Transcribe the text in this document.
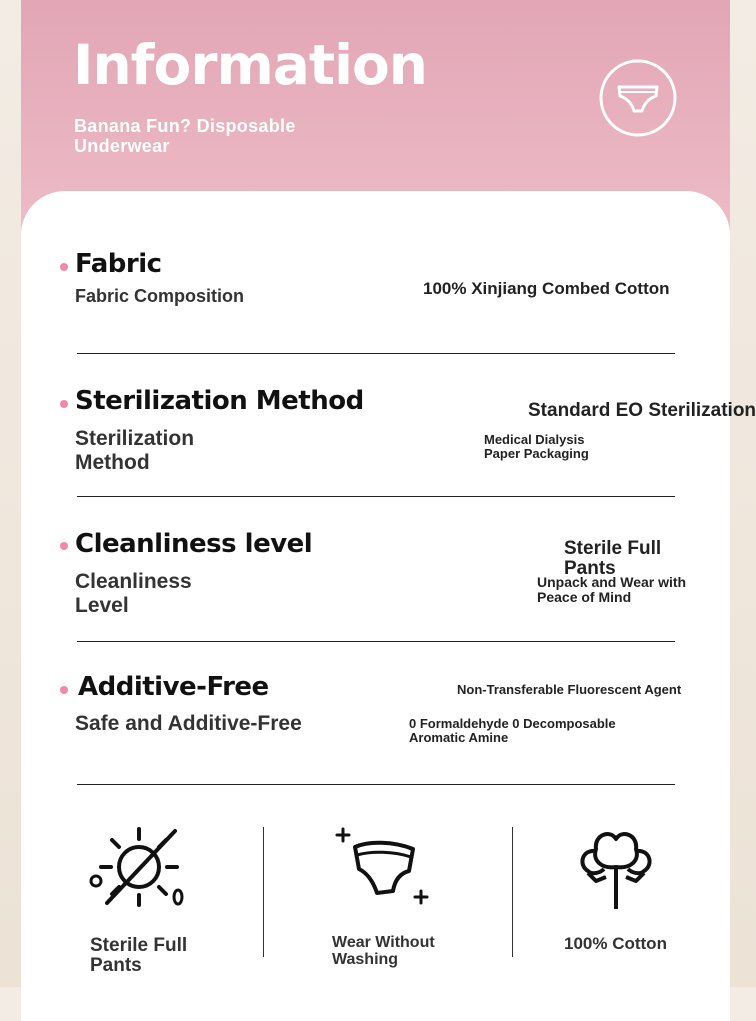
Information
Banana Fun? Disposable
Underwear
Fabric
Fabric Composition	100% Xinjiang Combed Cotton
Sterilization Method
Sterilization
Method
Standard EO Sterilization
Medical Dialysis
Paper Packaging
Cleanliness level
Cleanliness
Level
Sterile Full
Pants
Unpack and Wear with
Peace of Mind
Additive-Free
Safe and Additive-Free
Non-Transferable Fluorescent Agent
0 Formaldehyde 0 Decomposable
Aromatic Amine
Sterile Full
Pants
Wear Without
Washing
100% Cotton
